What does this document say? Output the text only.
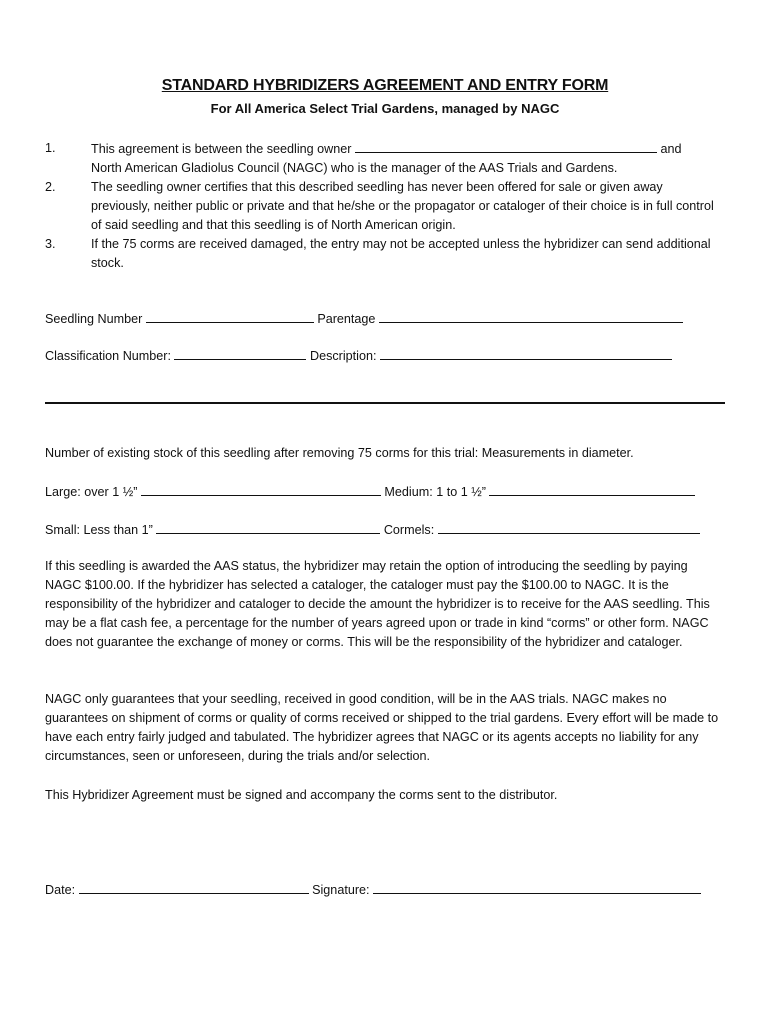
STANDARD HYBRIDIZERS AGREEMENT AND ENTRY FORM
For All America Select Trial Gardens, managed by NAGC
1.	This agreement is between the seedling owner	and
North American Gladiolus Council (NAGC) who is the manager of the AAS Trials and Gardens.
2.	The seedling owner certifies that this described seedling has never been offered for sale or given away previously, neither public or private and that he/she or the propagator or cataloger of their choice is in full control of said seedling and that this seedling is of North American origin.
3.	If the 75 corms are received damaged, the entry may not be accepted unless the hybridizer can send additional stock.
Seedling Number	Parentage
Classification Number:	Description:
Number of existing stock of this seedling after removing 75 corms for this trial: Measurements in diameter.
Large: over 1 ½”	Medium: 1 to 1 ½”
Small: Less than 1”	Cormels:
If this seedling is awarded the AAS status, the hybridizer may retain the option of introducing the seedling by paying NAGC $100.00. If the hybridizer has selected a cataloger, the cataloger must pay the $100.00 to NAGC. It is the responsibility of the hybridizer and cataloger to decide the amount the hybridizer is to receive for the AAS seedling. This may be a flat cash fee, a percentage for the number of years agreed upon or trade in kind “corms” or other form. NAGC does not guarantee the exchange of money or corms. This will be the responsibility of the hybridizer and cataloger.
NAGC only guarantees that your seedling, received in good condition, will be in the AAS trials. NAGC makes no guarantees on shipment of corms or quality of corms received or shipped to the trial gardens. Every effort will be made to have each entry fairly judged and tabulated. The hybridizer agrees that NAGC or its agents accepts no liability for any circumstances, seen or unforeseen, during the trials and/or selection.
This Hybridizer Agreement must be signed and accompany the corms sent to the distributor.
Date:	Signature:
